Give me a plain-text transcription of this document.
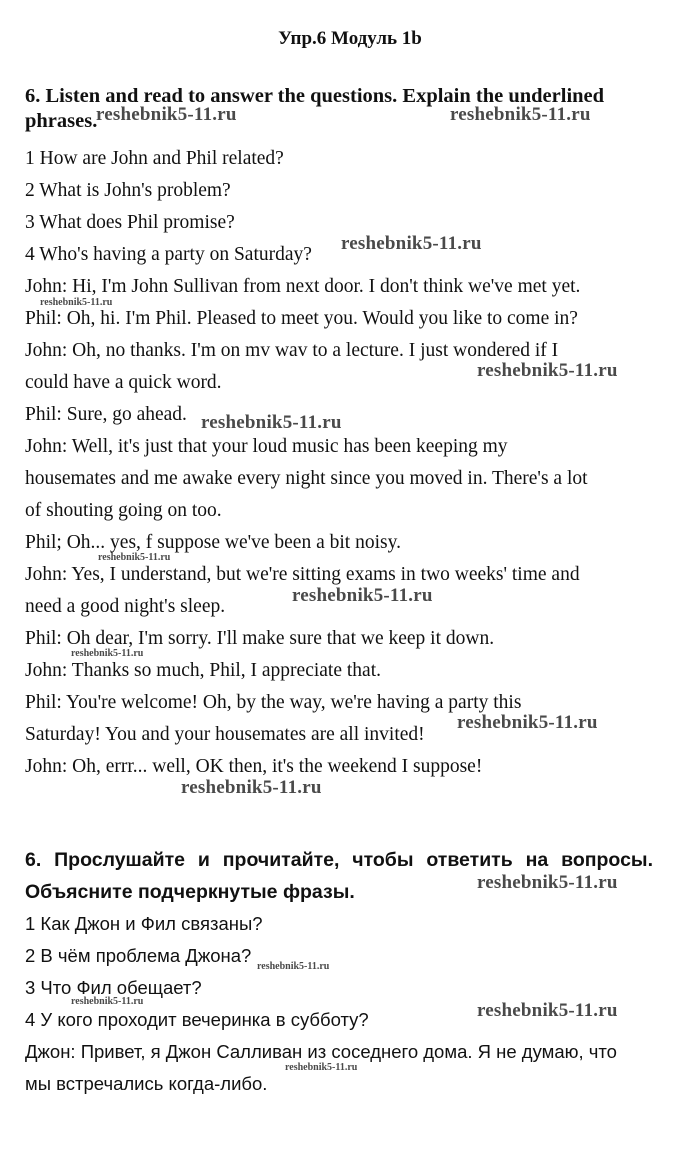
Упр.6 Модуль 1b
6. Listen and read to answer the questions. Explain the underlined
phrases.
1 How are John and Phil related?
2 What is John's problem?
3 What does Phil promise?
4 Who's having a party on Saturday?
John: Hi, I'm John Sullivan from next door. I don't think we've met yet.
Phil: Oh, hi. I'm Phil. Pleased to meet you. Would you like to come in?
John: Oh, no thanks. I'm on mv wav to a lecture. I just wondered if I
could have a quick word.
Phil: Sure, go ahead.
John: Well, it's just that your loud music has been keeping my
housemates and me awake every night since you moved in. There's a lot
of shouting going on too.
Phil; Oh... yes, f suppose we've been a bit noisy.
John: Yes, I understand, but we're sitting exams in two weeks' time and
need a good night's sleep.
Phil: Oh dear, I'm sorry. I'll make sure that we keep it down.
John: Thanks so much, Phil, I appreciate that.
Phil: You're welcome! Oh, by the way, we're having a party this
Saturday! You and your housemates are all invited!
John: Oh, errr... well, OK then, it's the weekend I suppose!
6. Прослушайте и прочитайте, чтобы ответить на вопросы.
Объясните подчеркнутые фразы.
1 Как Джон и Фил связаны?
2 В чём проблема Джона?
3 Что Фил обещает?
4 У кого проходит вечеринка в субботу?
Джон: Привет, я Джон Салливан из соседнего дома. Я не думаю, что
мы встречались когда-либо.
reshebnik5-11.ru	reshebnik5-11.ru
reshebnik5-11.ru
reshebnik5-11.ru
reshebnik5-11.ru
reshebnik5-11.ru
reshebnik5-11.ru
reshebnik5-11.ru
reshebnik5-11.ru
reshebnik5-11.ru
reshebnik5-11.ru
reshebnik5-11.ru
reshebnik5-11.ru
reshebnik5-11.ru	reshebnik5-11.ru
reshebnik5-11.ru
